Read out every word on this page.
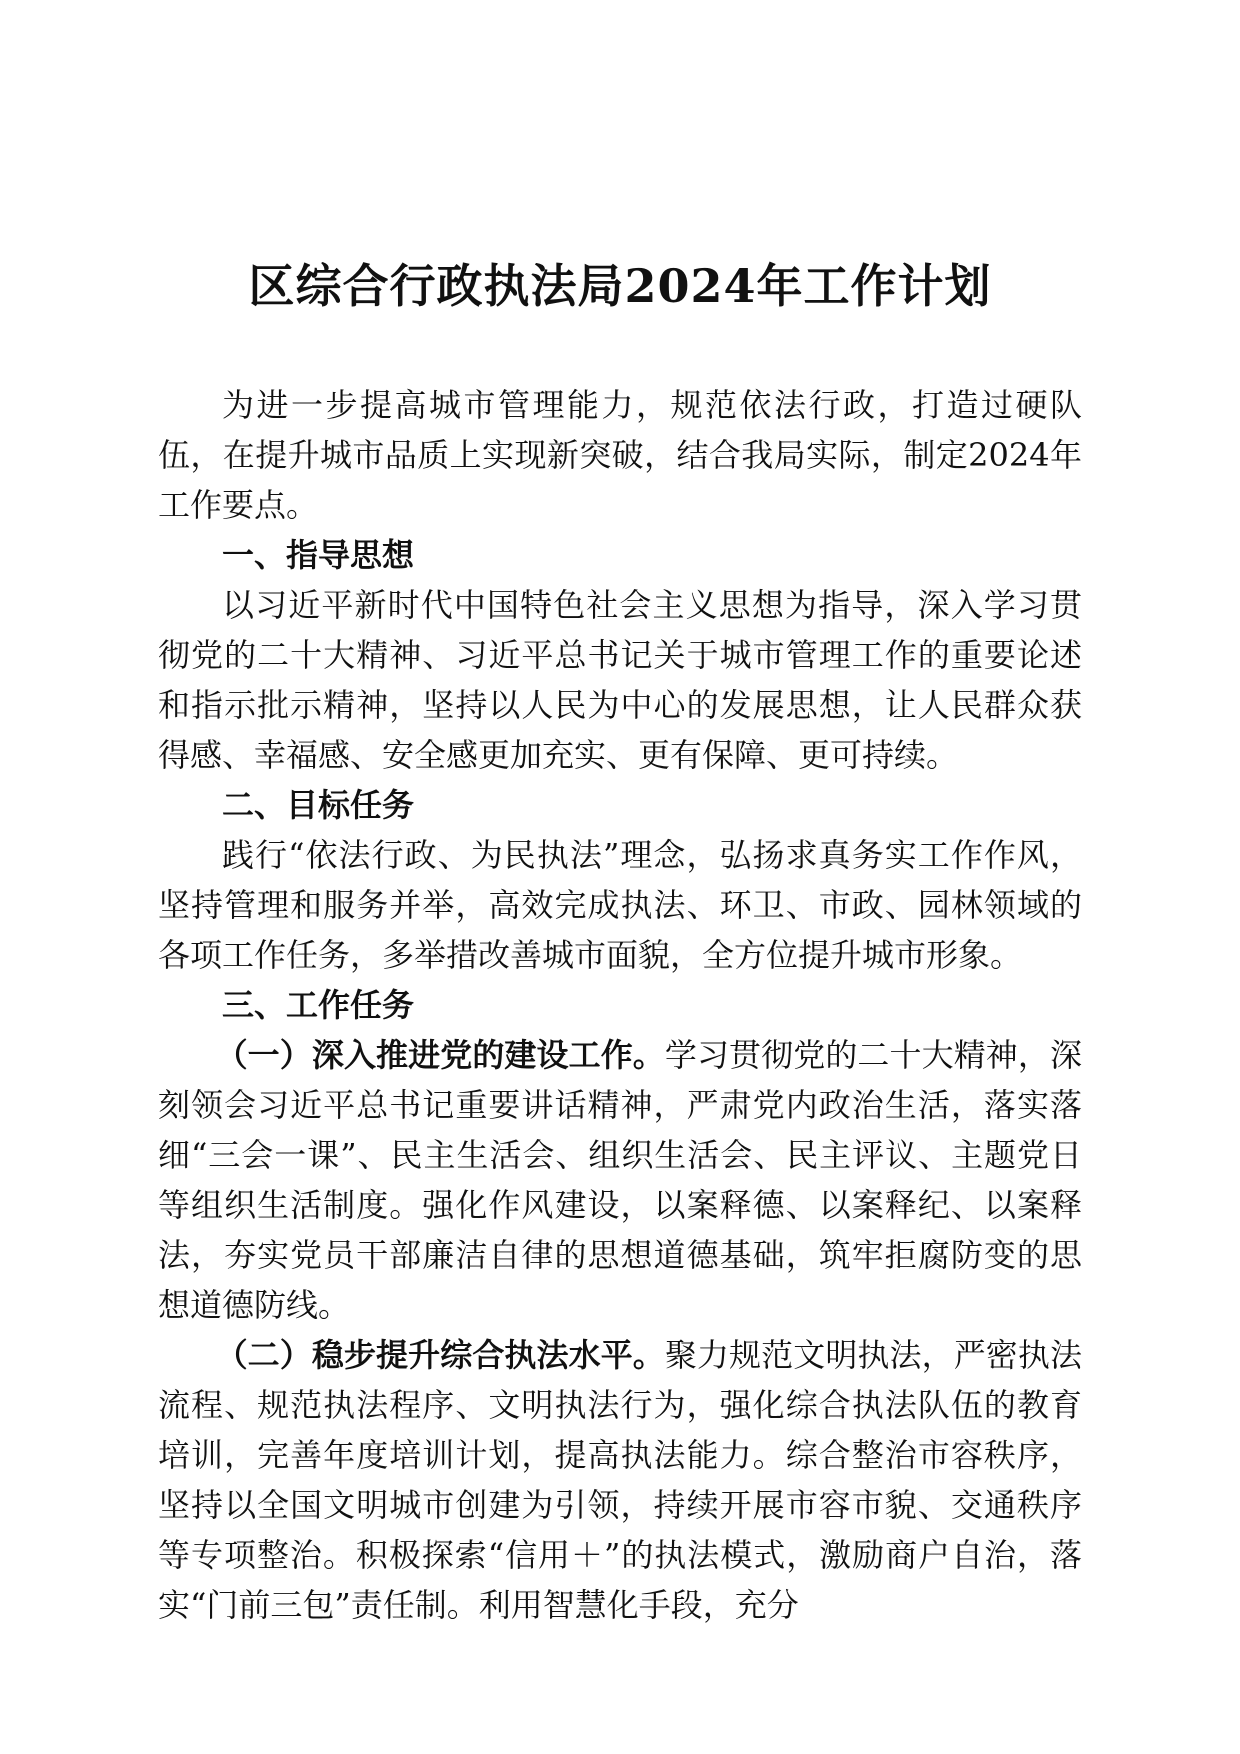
区综合行政执法局2024年工作计划

为进一步提高城市管理能力，规范依法行政，打造过硬队伍，在提升城市品质上实现新突破，结合我局实际，制定2024年工作要点。

一、指导思想

以习近平新时代中国特色社会主义思想为指导，深入学习贯彻党的二十大精神、习近平总书记关于城市管理工作的重要论述和指示批示精神，坚持以人民为中心的发展思想，让人民群众获得感、幸福感、安全感更加充实、更有保障、更可持续。

二、目标任务

践行“依法行政、为民执法”理念，弘扬求真务实工作作风，坚持管理和服务并举，高效完成执法、环卫、市政、园林领域的各项工作任务，多举措改善城市面貌，全方位提升城市形象。

三、工作任务

（一）深入推进党的建设工作。学习贯彻党的二十大精神，深刻领会习近平总书记重要讲话精神，严肃党内政治生活，落实落细“三会一课”、民主生活会、组织生活会、民主评议、主题党日等组织生活制度。强化作风建设，以案释德、以案释纪、以案释法，夯实党员干部廉洁自律的思想道德基础，筑牢拒腐防变的思想道德防线。

（二）稳步提升综合执法水平。聚力规范文明执法，严密执法流程、规范执法程序、文明执法行为，强化综合执法队伍的教育培训，完善年度培训计划，提高执法能力。综合整治市容秩序，坚持以全国文明城市创建为引领，持续开展市容市貌、交通秩序等专项整治。积极探索“信用＋”的执法模式，激励商户自治，落实“门前三包”责任制。利用智慧化手段，充分
